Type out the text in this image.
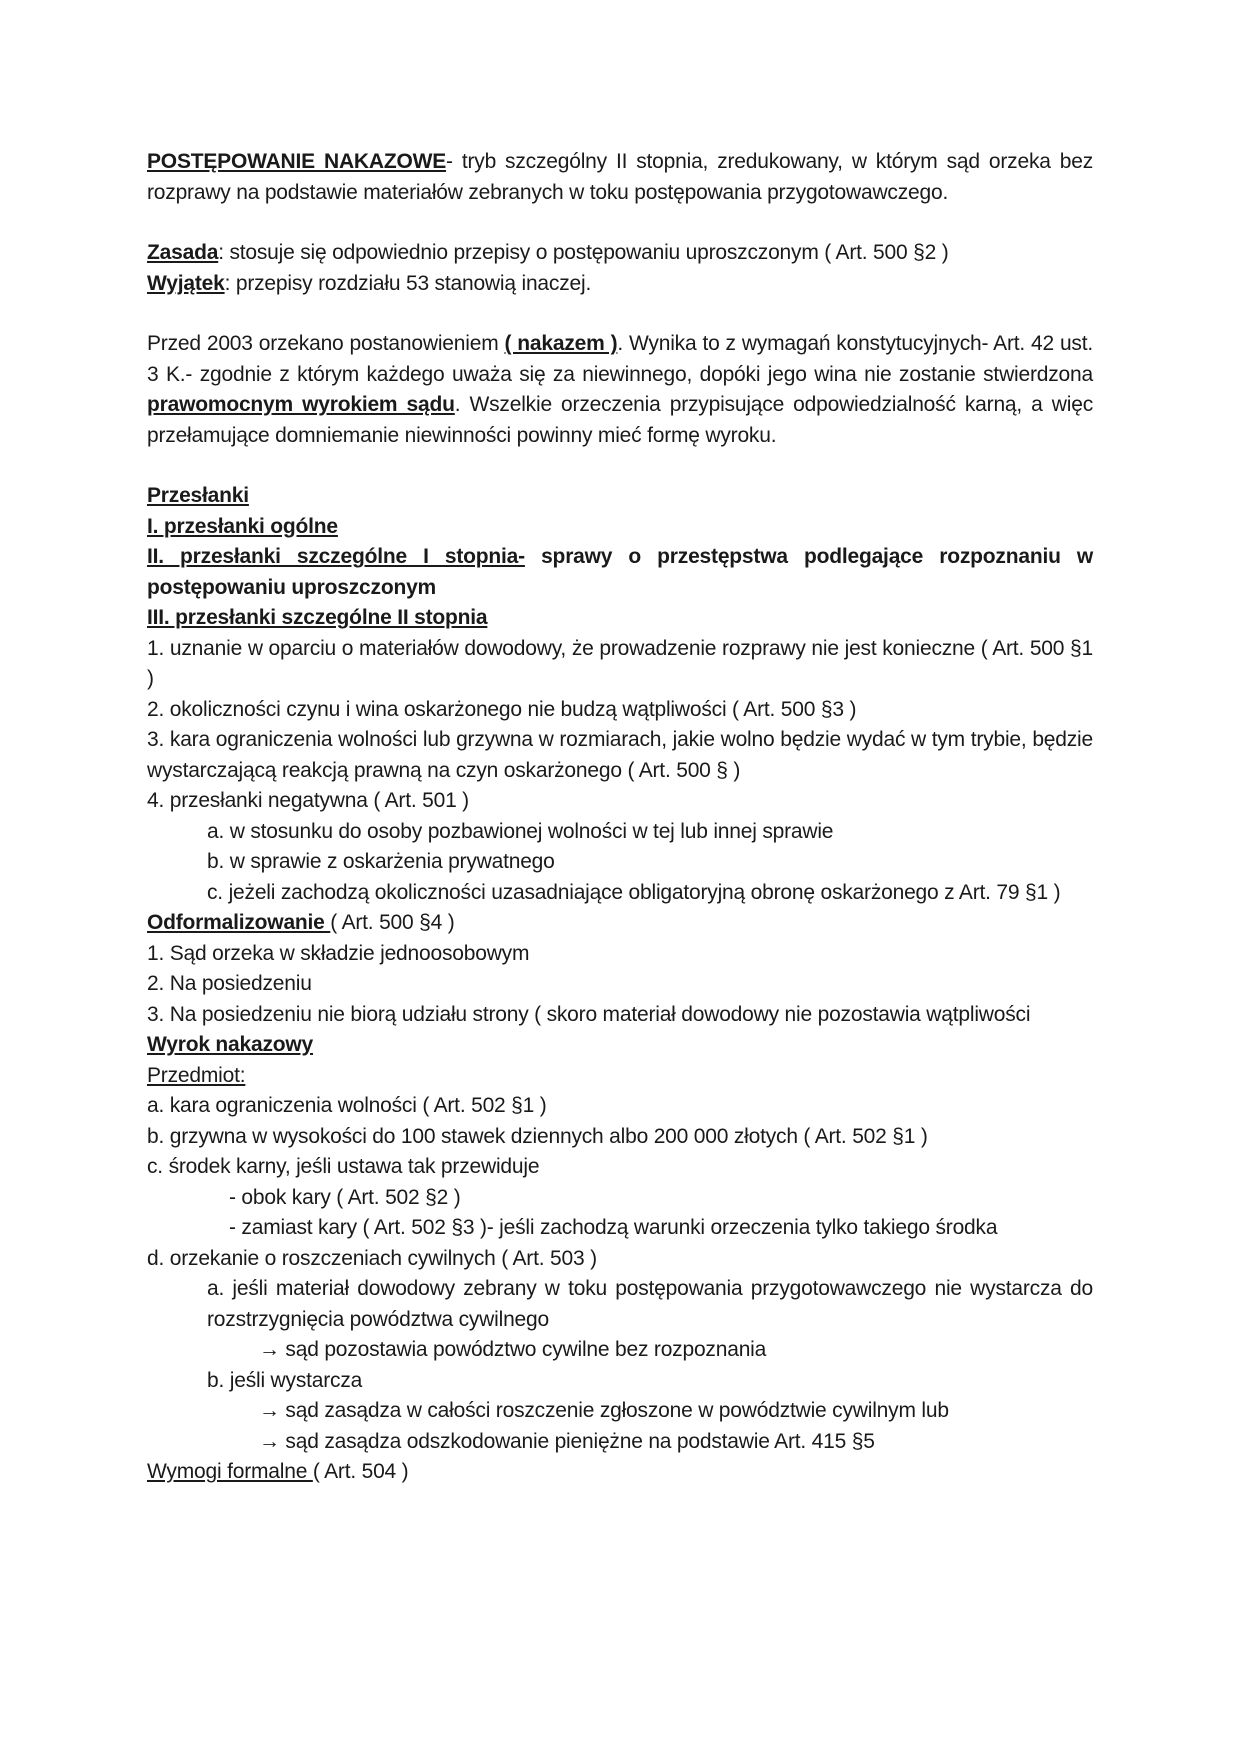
POSTĘPOWANIE NAKAZOWE- tryb szczególny II stopnia, zredukowany, w którym sąd orzeka bez rozprawy na podstawie materiałów zebranych w toku postępowania przygotowawczego.

Zasada: stosuje się odpowiednio przepisy o postępowaniu uproszczonym ( Art. 500 §2 )

Wyjątek: przepisy rozdziału 53 stanowią inaczej.

Przed 2003 orzekano postanowieniem ( nakazem ). Wynika to z wymagań konstytucyjnych- Art. 42 ust. 3 K.- zgodnie z którym każdego uważa się za niewinnego, dopóki jego wina nie zostanie stwierdzona prawomocnym wyrokiem sądu. Wszelkie orzeczenia przypisujące odpowiedzialność karną, a więc przełamujące domniemanie niewinności powinny mieć formę wyroku.

Przesłanki

I. przesłanki ogólne

II. przesłanki szczególne I stopnia- sprawy o przestępstwa podlegające rozpoznaniu w postępowaniu uproszczonym

III. przesłanki szczególne II stopnia

1. uznanie w oparciu o materiałów dowodowy, że prowadzenie rozprawy nie jest konieczne ( Art. 500 §1 )

2. okoliczności czynu i wina oskarżonego nie budzą wątpliwości ( Art. 500 §3 )

3. kara ograniczenia wolności lub grzywna w rozmiarach, jakie wolno będzie wydać w tym trybie, będzie wystarczającą reakcją prawną na czyn oskarżonego ( Art. 500 § )

4. przesłanki negatywna ( Art. 501 )

a. w stosunku do osoby pozbawionej wolności w tej lub innej sprawie

b. w sprawie z oskarżenia prywatnego

c. jeżeli zachodzą okoliczności uzasadniające obligatoryjną obronę oskarżonego z Art. 79 §1 )

Odformalizowanie ( Art. 500 §4 )

1. Sąd orzeka w składzie jednoosobowym

2. Na posiedzeniu

3. Na posiedzeniu nie biorą udziału strony ( skoro materiał dowodowy nie pozostawia wątpliwości

Wyrok nakazowy

Przedmiot:

a. kara ograniczenia wolności ( Art. 502 §1 )

b. grzywna w wysokości do 100 stawek dziennych albo 200 000 złotych ( Art. 502 §1 )

c. środek karny, jeśli ustawa tak przewiduje

- obok kary ( Art. 502 §2 )

- zamiast kary ( Art. 502 §3 )- jeśli zachodzą warunki orzeczenia tylko takiego środka

d. orzekanie o roszczeniach cywilnych ( Art. 503 )

a. jeśli materiał dowodowy zebrany w toku postępowania przygotowawczego nie wystarcza do rozstrzygnięcia powództwa cywilnego

→ sąd pozostawia powództwo cywilne bez rozpoznania

b. jeśli wystarcza

→ sąd zasądza w całości roszczenie zgłoszone w powództwie cywilnym lub

→ sąd zasądza odszkodowanie pieniężne na podstawie Art. 415 §5

Wymogi formalne ( Art. 504 )
